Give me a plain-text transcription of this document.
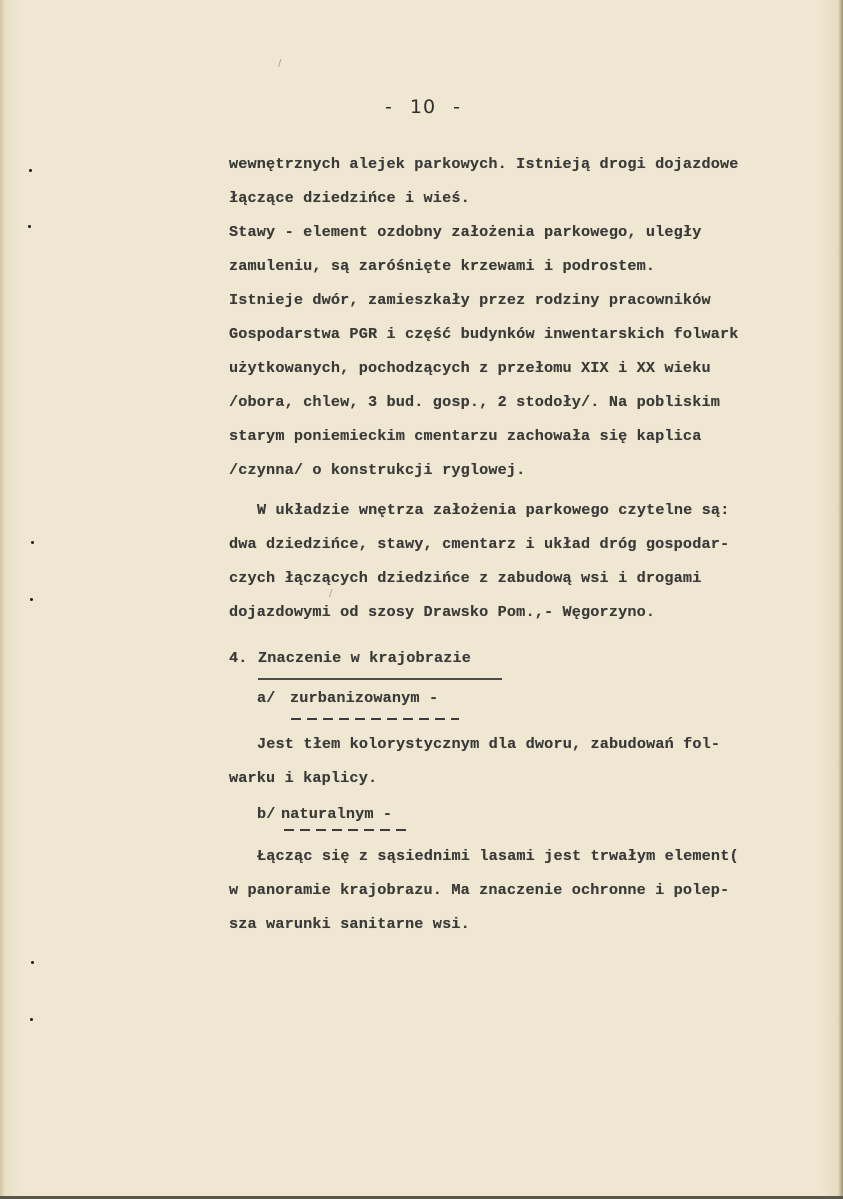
- 10 -
wewnętrznych alejek parkowych. Istnieją drogi dojazdowe
łączące dziedzińce i wieś.
Stawy - element ozdobny założenia parkowego, uległy
zamuleniu, są zaróśnięte krzewami i podrostem.
Istnieje dwór, zamieszkały przez rodziny pracowników
Gospodarstwa PGR i część budynków inwentarskich folwark
użytkowanych, pochodzących z przełomu XIX i XX wieku
/obora, chlew, 3 bud. gosp., 2 stodoły/. Na pobliskim
starym poniemieckim cmentarzu zachowała się kaplica
/czynna/ o konstrukcji ryglowej.
W układzie wnętrza założenia parkowego czytelne są:
dwa dziedzińce, stawy, cmentarz i układ dróg gospodar-
czych łączących dziedzińce z zabudową wsi i drogami
dojazdowymi od szosy Drawsko Pom.,- Węgorzyno.
4. Znaczenie w krajobrazie
a/ zurbanizowanym -
Jest tłem kolorystycznym dla dworu, zabudowań fol-
warku i kaplicy.
b/ naturalnym -
Łącząc się z sąsiednimi lasami jest trwałym element(
w panoramie krajobrazu. Ma znaczenie ochronne i polep-
sza warunki sanitarne wsi.
/
/
